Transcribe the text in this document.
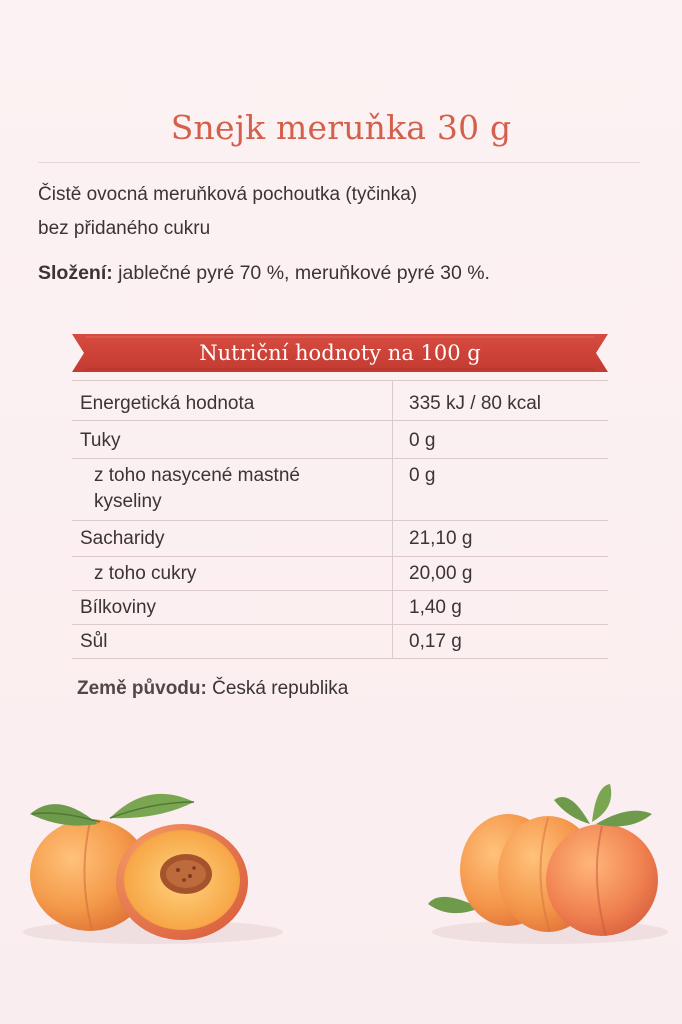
Snejk meruňka 30 g
Čistě ovocná meruňková pochoutka (tyčinka)
bez přidaného cukru
Složení: jablečné pyré 70 %, meruňkové pyré 30 %.
Nutriční hodnoty na 100 g
Energetická hodnota	335 kJ / 80 kcal
Tuky	0 g

z toho nasycené mastné
kyseliny	0 g
Sacharidy	21,10 g
z toho cukry	20,00 g
Bílkoviny	1,40 g
Sůl	0,17 g
Země původu: Česká republika
